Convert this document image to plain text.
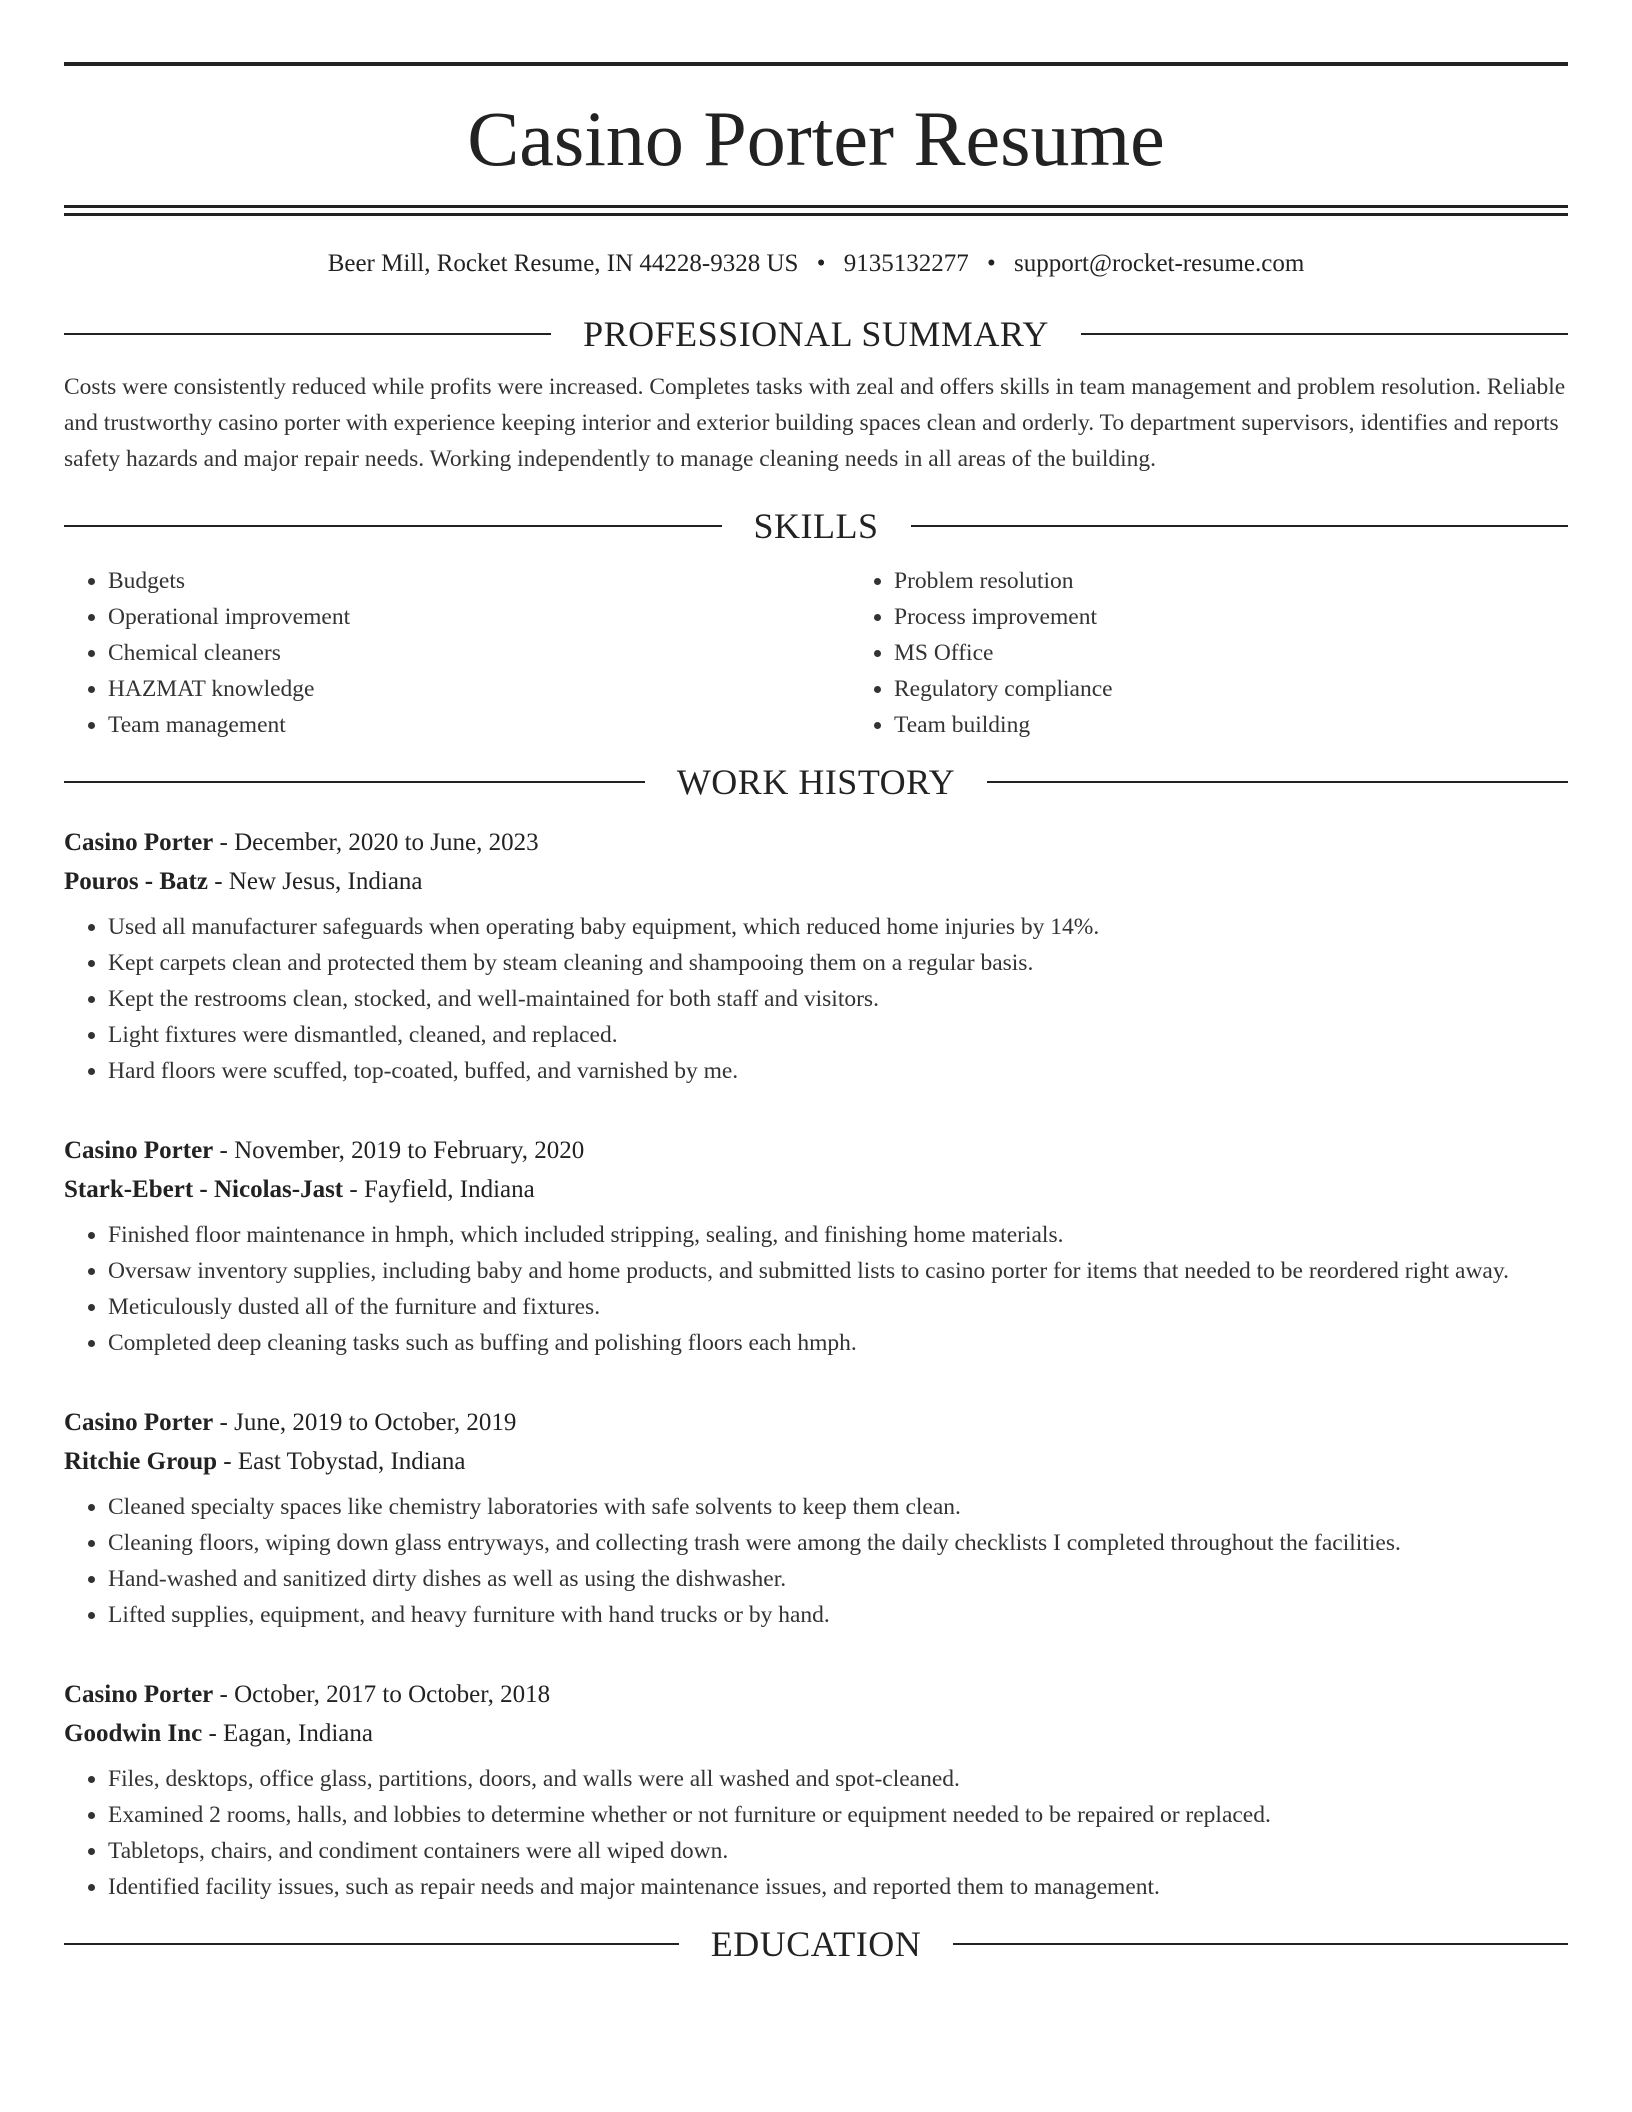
Casino Porter Resume
Beer Mill, Rocket Resume, IN 44228-9328 US • 9135132277 • support@rocket-resume.com
PROFESSIONAL SUMMARY

Costs were consistently reduced while profits were increased. Completes tasks with zeal and offers skills in team management and problem resolution. Reliable and trustworthy casino porter with experience keeping interior and exterior building spaces clean and orderly. To department supervisors, identifies and reports safety hazards and major repair needs. Working independently to manage cleaning needs in all areas of the building.

SKILLS
• Budgets
• Operational improvement
• Chemical cleaners
• HAZMAT knowledge
• Team management
• Problem resolution
• Process improvement
• MS Office
• Regulatory compliance
• Team building
WORK HISTORY
Casino Porter - December, 2020 to June, 2023
Pouros - Batz - New Jesus, Indiana
• Used all manufacturer safeguards when operating baby equipment, which reduced home injuries by 14%.
• Kept carpets clean and protected them by steam cleaning and shampooing them on a regular basis.
• Kept the restrooms clean, stocked, and well-maintained for both staff and visitors.
• Light fixtures were dismantled, cleaned, and replaced.
• Hard floors were scuffed, top-coated, buffed, and varnished by me.
Casino Porter - November, 2019 to February, 2020
Stark-Ebert - Nicolas-Jast - Fayfield, Indiana
• Finished floor maintenance in hmph, which included stripping, sealing, and finishing home materials.
• Oversaw inventory supplies, including baby and home products, and submitted lists to casino porter for items that needed to be reordered right away.
• Meticulously dusted all of the furniture and fixtures.
• Completed deep cleaning tasks such as buffing and polishing floors each hmph.
Casino Porter - June, 2019 to October, 2019
Ritchie Group - East Tobystad, Indiana
• Cleaned specialty spaces like chemistry laboratories with safe solvents to keep them clean.
• Cleaning floors, wiping down glass entryways, and collecting trash were among the daily checklists I completed throughout the facilities.
• Hand-washed and sanitized dirty dishes as well as using the dishwasher.
• Lifted supplies, equipment, and heavy furniture with hand trucks or by hand.
Casino Porter - October, 2017 to October, 2018
Goodwin Inc - Eagan, Indiana
• Files, desktops, office glass, partitions, doors, and walls were all washed and spot-cleaned.
• Examined 2 rooms, halls, and lobbies to determine whether or not furniture or equipment needed to be repaired or replaced.
• Tabletops, chairs, and condiment containers were all wiped down.
• Identified facility issues, such as repair needs and major maintenance issues, and reported them to management.
EDUCATION
